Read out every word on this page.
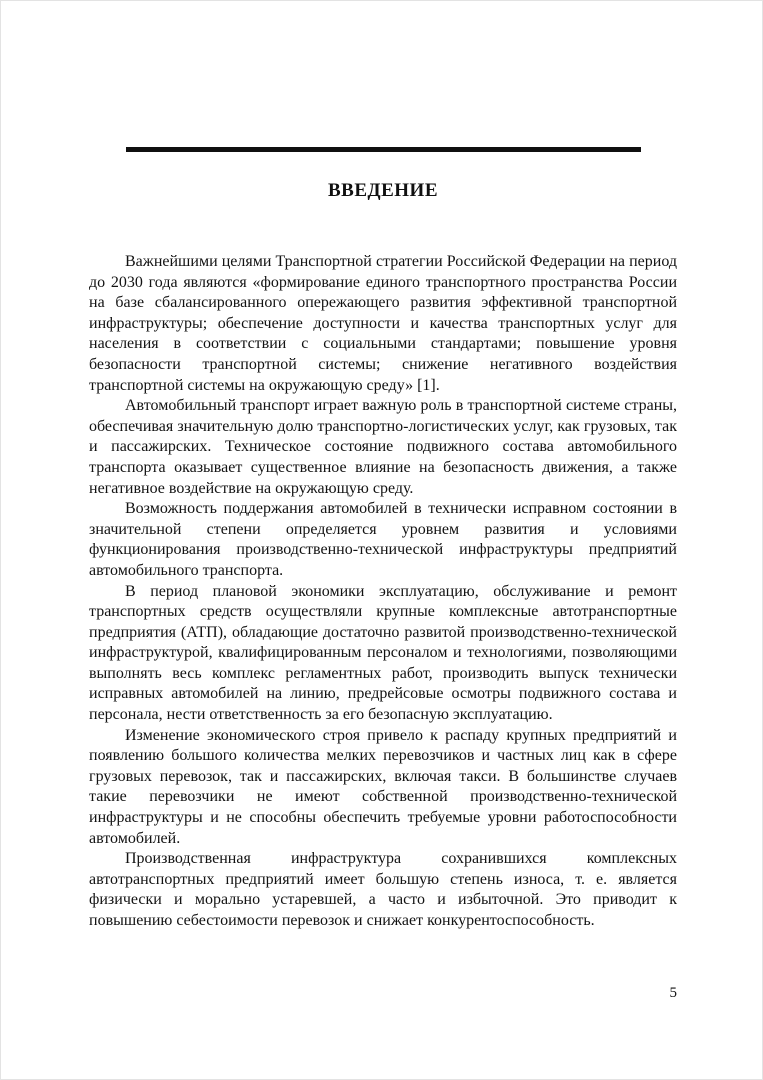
ВВЕДЕНИЕ

Важнейшими целями Транспортной стратегии Российской Федерации на период до 2030 года являются «формирование единого транспортного пространства России на базе сбалансированного опережающего развития эффективной транспортной инфраструктуры; обеспечение доступности и качества транспортных услуг для населения в соответствии с социальными стандартами; повышение уровня безопасности транспортной системы; снижение негативного воздействия транспортной системы на окружающую среду» [1].

Автомобильный транспорт играет важную роль в транспортной системе страны, обеспечивая значительную долю транспортно-логистических услуг, как грузовых, так и пассажирских. Техническое состояние подвижного состава автомобильного транспорта оказывает существенное влияние на безопасность движения, а также негативное воздействие на окружающую среду.

Возможность поддержания автомобилей в технически исправном состоянии в значительной степени определяется уровнем развития и условиями функционирования производственно-технической инфраструктуры предприятий автомобильного транспорта.

В период плановой экономики эксплуатацию, обслуживание и ремонт транспортных средств осуществляли крупные комплексные автотранспортные предприятия (АТП), обладающие достаточно развитой производственно-технической инфраструктурой, квалифицированным персоналом и технологиями, позволяющими выполнять весь комплекс регламентных работ, производить выпуск технически исправных автомобилей на линию, предрейсовые осмотры подвижного состава и персонала, нести ответственность за его безопасную эксплуатацию.

Изменение экономического строя привело к распаду крупных предприятий и появлению большого количества мелких перевозчиков и частных лиц как в сфере грузовых перевозок, так и пассажирских, включая такси. В большинстве случаев такие перевозчики не имеют собственной производственно-технической инфраструктуры и не способны обеспечить требуемые уровни работоспособности автомобилей.

Производственная инфраструктура сохранившихся комплексных автотранспортных предприятий имеет большую степень износа, т. е. является физически и морально устаревшей, а часто и избыточной. Это приводит к повышению себестоимости перевозок и снижает конкурентоспособность.

5
